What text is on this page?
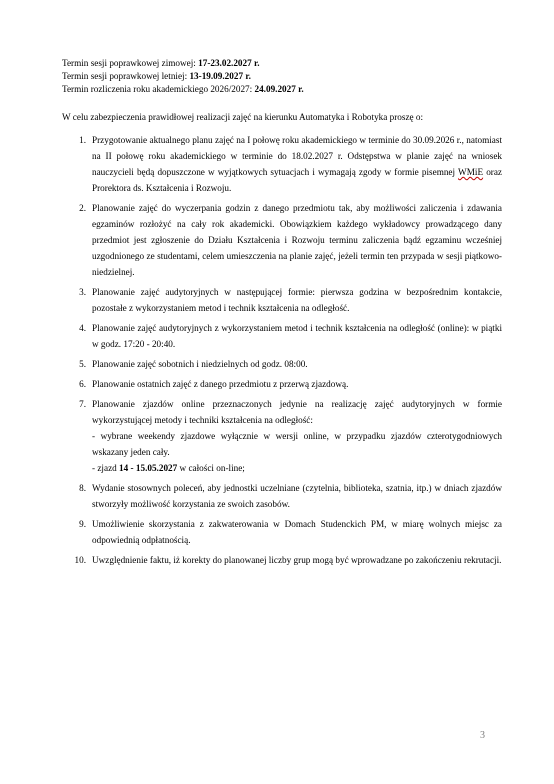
Termin sesji poprawkowej zimowej: 17-23.02.2027 r.
Termin sesji poprawkowej letniej: 13-19.09.2027 r.
Termin rozliczenia roku akademickiego 2026/2027: 24.09.2027 r.
W celu zabezpieczenia prawidłowej realizacji zajęć na kierunku Automatyka i Robotyka proszę o:
1. Przygotowanie aktualnego planu zajęć na I połowę roku akademickiego w terminie do 30.09.2026 r., natomiast na II połowę roku akademickiego w terminie do 18.02.2027 r. Odstępstwa w planie zajęć na wniosek nauczycieli będą dopuszczone w wyjątkowych sytuacjach i wymagają zgody w formie pisemnej WMiE oraz Prorektora ds. Kształcenia i Rozwoju.
2. Planowanie zajęć do wyczerpania godzin z danego przedmiotu tak, aby możliwości zaliczenia i zdawania egzaminów rozłożyć na cały rok akademicki. Obowiązkiem każdego wykładowcy prowadzącego dany przedmiot jest zgłoszenie do Działu Kształcenia i Rozwoju terminu zaliczenia bądź egzaminu wcześniej uzgodnionego ze studentami, celem umieszczenia na planie zajęć, jeżeli termin ten przypada w sesji piątkowo-niedzielnej.
3. Planowanie zajęć audytoryjnych w następującej formie: pierwsza godzina w bezpośrednim kontakcie, pozostałe z wykorzystaniem metod i technik kształcenia na odległość.
4. Planowanie zajęć audytoryjnych z wykorzystaniem metod i technik kształcenia na odległość (online): w piątki w godz. 17:20 - 20:40.
5. Planowanie zajęć sobotnich i niedzielnych od godz. 08:00.
6. Planowanie ostatnich zajęć z danego przedmiotu z przerwą zjazdową.
7. Planowanie zjazdów online przeznaczonych jedynie na realizację zajęć audytoryjnych w formie wykorzystującej metody i techniki kształcenia na odległość:
- wybrane weekendy zjazdowe wyłącznie w wersji online, w przypadku zjazdów czterotygodniowych wskazany jeden cały.
- zjazd 14 - 15.05.2027 w całości on-line;
8. Wydanie stosownych poleceń, aby jednostki uczelniane (czytelnia, biblioteka, szatnia, itp.) w dniach zjazdów stworzyły możliwość korzystania ze swoich zasobów.
9. Umożliwienie skorzystania z zakwaterowania w Domach Studenckich PM, w miarę wolnych miejsc za odpowiednią odpłatnością.
10. Uwzględnienie faktu, iż korekty do planowanej liczby grup mogą być wprowadzane po zakończeniu rekrutacji.
3
